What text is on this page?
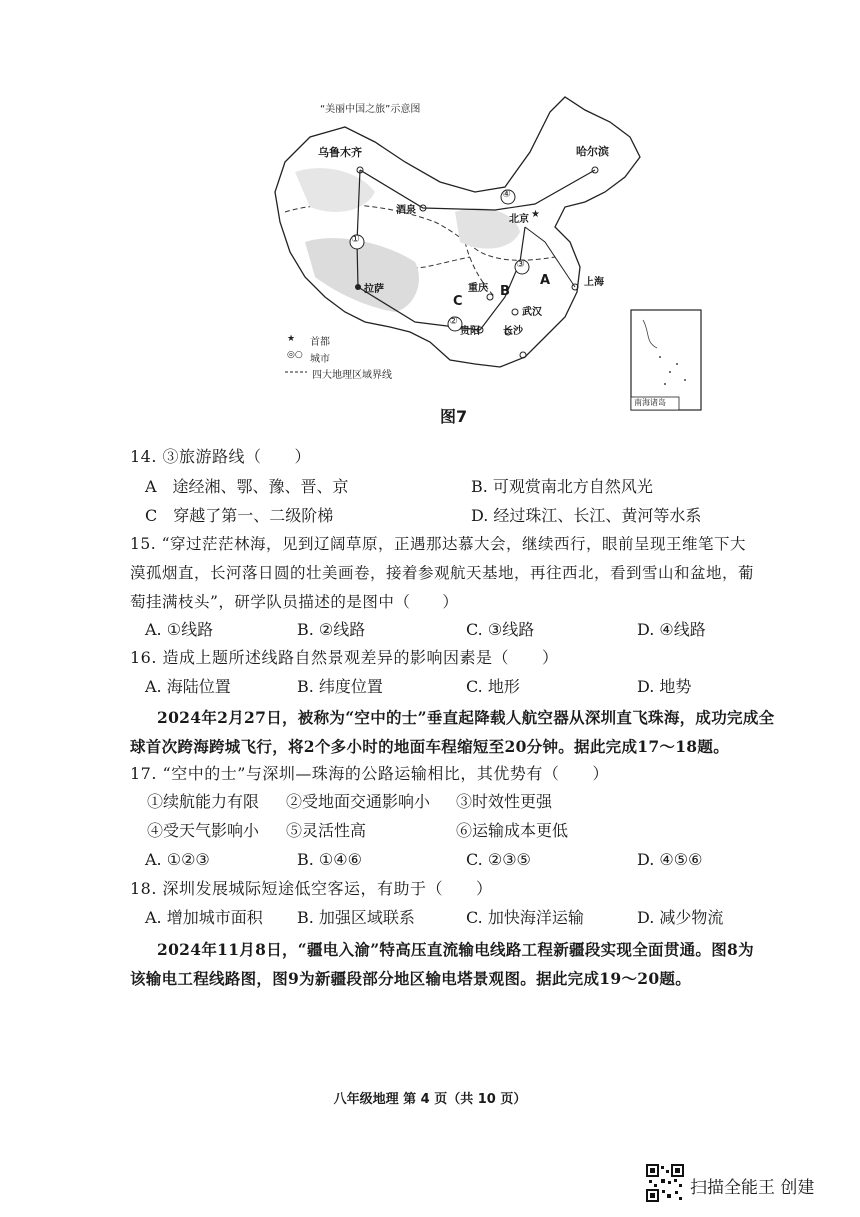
★
★
◎○
“美丽中国之旅”示意图
乌鲁木齐	哈尔滨
酒泉
北京
拉萨	重庆
上海
武汉
贵阳 长沙
①
②
③
④
A
B
C
首都
城市
四大地理区域界线
南海诸岛
图7
14. ③旅游路线（　　）
A　途经湘、鄂、豫、晋、京	B. 可观赏南北方自然风光
C　穿越了第一、二级阶梯	D. 经过珠江、长江、黄河等水系
15. “穿过茫茫林海，见到辽阔草原，正遇那达慕大会，继续西行，眼前呈现王维笔下大
漠孤烟直，长河落日圆的壮美画卷，接着参观航天基地，再往西北，看到雪山和盆地，葡
萄挂满枝头”，研学队员描述的是图中（　　）
A. ①线路	B. ②线路	C. ③线路	D. ④线路
16. 造成上题所述线路自然景观差异的影响因素是（　　）
A. 海陆位置	B. 纬度位置	C. 地形	D. 地势
2024年2月27日，被称为“空中的士”垂直起降载人航空器从深圳直飞珠海，成功完成全
球首次跨海跨城飞行，将2个多小时的地面车程缩短至20分钟。据此完成17～18题。
17. “空中的士”与深圳—珠海的公路运输相比，其优势有（　　）
①续航能力有限 ②受地面交通影响小 ③时效性更强
④受天气影响小 ⑤灵活性高	⑥运输成本更低
A. ①②③	B. ①④⑥	C. ②③⑤	D. ④⑤⑥
18. 深圳发展城际短途低空客运，有助于（　　）
A. 增加城市面积 B. 加强区域联系	C. 加快海洋运输	D. 减少物流
2024年11月8日，“疆电入渝”特高压直流输电线路工程新疆段实现全面贯通。图8为
该输电工程线路图，图9为新疆段部分地区输电塔景观图。据此完成19～20题。
八年级地理 第 4 页（共 10 页）
扫描全能王 创建
